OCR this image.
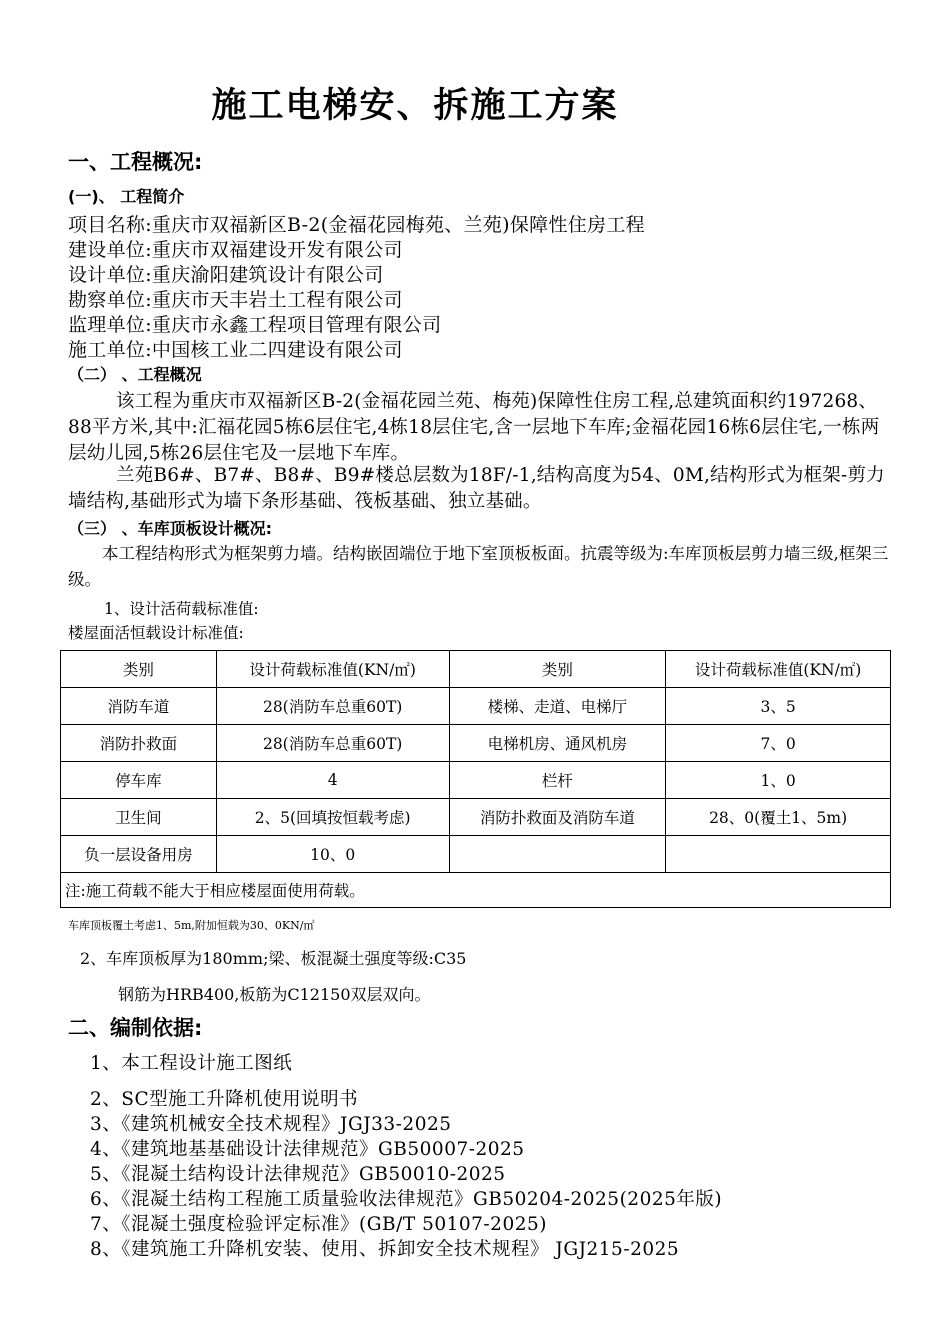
施工电梯安、拆施工方案
一、工程概况:
(一)、 工程简介
项目名称:重庆市双福新区B-2(金福花园梅苑、兰苑)保障性住房工程
建设单位:重庆市双福建设开发有限公司
设计单位:重庆渝阳建筑设计有限公司
勘察单位:重庆市天丰岩土工程有限公司
监理单位:重庆市永鑫工程项目管理有限公司
施工单位:中国核工业二四建设有限公司
（二） 、工程概况
该工程为重庆市双福新区B-2(金福花园兰苑、梅苑)保障性住房工程,总建筑面积约197268、88平方米,其中:汇福花园5栋6层住宅,4栋18层住宅,含一层地下车库;金福花园16栋6层住宅,一栋两层幼儿园,5栋26层住宅及一层地下车库。
兰苑B6#、B7#、B8#、B9#楼总层数为18F/-1,结构高度为54、0M,结构形式为框架-剪力墙结构,基础形式为墙下条形基础、筏板基础、独立基础。
（三） 、车库顶板设计概况:
本工程结构形式为框架剪力墙。结构嵌固端位于地下室顶板板面。抗震等级为:车库顶板层剪力墙三级,框架三级。
1、设计活荷载标准值:
楼屋面活恒载设计标准值:
类别	设计荷载标准值(KN/㎡)	类别	设计荷载标准值(KN/㎡)
消防车道	28(消防车总重60T)	楼梯、走道、电梯厅	3、5
消防扑救面	28(消防车总重60T)	电梯机房、通风机房	7、0
停车库	4	栏杆	1、0
卫生间	2、5(回填按恒载考虑)	消防扑救面及消防车道	28、0(覆土1、5m)
负一层设备用房	10、0		
注:施工荷载不能大于相应楼屋面使用荷载。			
车库顶板覆土考虑1、5m,附加恒载为30、0KN/㎡
2、车库顶板厚为180mm;梁、板混凝土强度等级:C35
钢筋为HRB400,板筋为C12150双层双向。
二、编制依据:
1、本工程设计施工图纸
2、SC型施工升降机使用说明书
3、《建筑机械安全技术规程》JGJ33-2025
4、《建筑地基基础设计法律规范》GB50007-2025
5、《混凝土结构设计法律规范》GB50010-2025
6、《混凝土结构工程施工质量验收法律规范》GB50204-2025(2025年版)
7、《混凝土强度检验评定标准》(GB/T 50107-2025)
8、《建筑施工升降机安装、使用、拆卸安全技术规程》 JGJ215-2025
